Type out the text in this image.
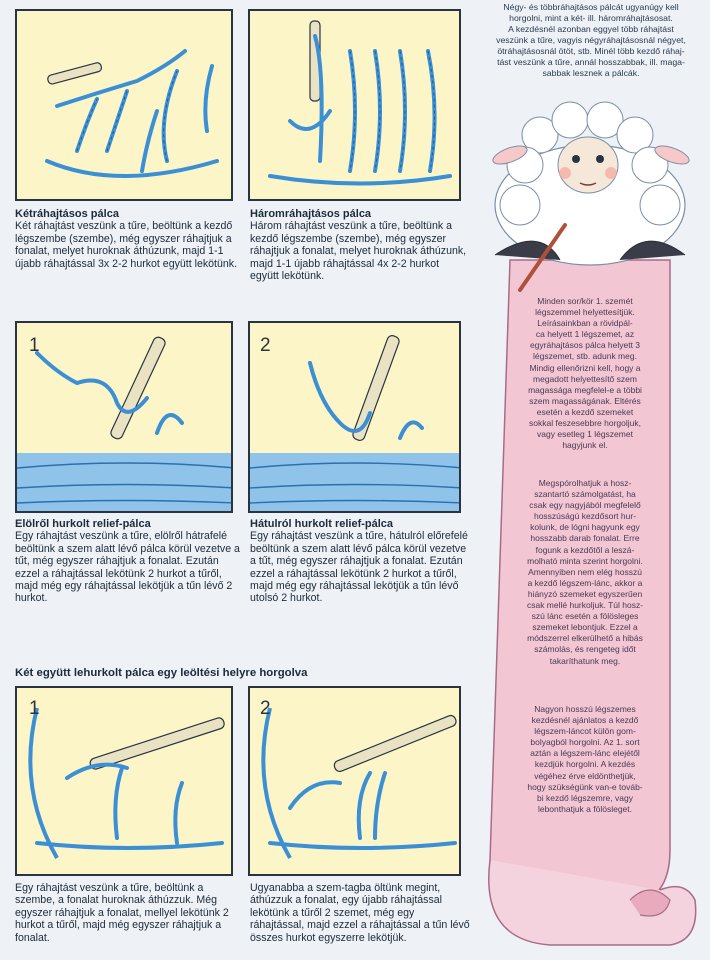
Kétráhajtásos pálca
Két ráhajtást veszünk a tűre, beöltünk a kezdő légszembe (szembe), még egyszer ráhajtjuk a fonalat, melyet huroknak áthúzunk, majd 1-1 újabb ráhajtással 3x 2-2 hurkot együtt lekötünk.
Háromráhajtásos pálca
Három ráhajtást veszünk a tűre, beöltünk a kezdő légszembe (szembe), még egyszer ráhajtjuk a fonalat, melyet huroknak áthúzunk, majd 1-1 újabb ráhajtással 4x 2-2 hurkot együtt lekötünk.
1	2
Elölről hurkolt relief-pálca
Egy ráhajtást veszünk a tűre, elölről hátrafelé beöltünk a szem alatt lévő pálca körül vezetve a tűt, még egyszer ráhajtjuk a fonalat. Ezután ezzel a ráhajtással lekötünk 2 hurkot a tűről, majd még egy ráhajtással lekötjük a tűn lévő 2 hurkot.
Hátulról hurkolt relief-pálca
Egy ráhajtást veszünk a tűre, hátulról előrefelé beöltünk a szem alatt lévő pálca körül vezetve a tűt, még egyszer ráhajtjuk a fonalat. Ezután ezzel a ráhajtással lekötünk 2 hurkot a tűről, majd még egy ráhajtással lekötjük a tűn lévő utolsó 2 hurkot.
Két együtt lehurkolt pálca egy leöltési helyre horgolva
1	2
Egy ráhajtást veszünk a tűre, beöltünk a szembe, a fonalat huroknak áthúzzuk. Még egyszer ráhajtjuk a fonalat, mellyel lekötünk 2 hurkot a tűről, majd még egyszer ráhajtjuk a fonalat.
Ugyanabba a szem-tagba öltünk megint, áthúzzuk a fonalat, egy újabb ráhajtással lekötünk a tűről 2 szemet, még egy ráhajtással, majd ezzel a ráhajtással a tűn lévő összes hurkot egyszerre lekötjük.
Négy- és többráhajtásos pálcát ugyanúgy kell
horgolni, mint a két- ill. háromráhajtásosat.
A kezdésnél azonban eggyel több ráhajtást
veszünk a tűre, vagyis négyráhajtásosnál négyet,
ötráhajtásosnál ötöt, stb. Minél több kezdő ráhaj-
tást veszünk a tűre, annál hosszabbak, ill. maga-
sabbak lesznek a pálcák.
Minden sor/kör 1. szemét
légszemmel helyettesítjük.
Leírásainkban a rövidpál-
ca helyett 1 légszemet, az
egyráhajtásos pálca helyett 3
légszemet, stb. adunk meg.
Mindig ellenőrizni kell, hogy a
megadott helyettesítő szem
magassága megfelel-e a többi
szem magasságának. Eltérés
esetén a kezdő szemeket
sokkal feszesebbre horgoljuk,
vagy esetleg 1 légszemet
hagyjunk el.
Megspórolhatjuk a hosz-
szantartó számolgatást, ha
csak egy nagyjából megfelelő
hosszúságú kezdősort hur-
kolunk, de lógni hagyunk egy
hosszabb darab fonalat. Erre
fogunk a kezdőtől a leszá-
molható minta szerint horgolni.
Amennyiben nem elég hosszú
a kezdő légszem-lánc, akkor a
hiányzó szemeket egyszerűen
csak mellé hurkoljuk. Túl hosz-
szú lánc esetén a fölösleges
szemeket lebontjuk. Ezzel a
módszerrel elkerülhető a hibás
számolás, és rengeteg időt
takaríthatunk meg.
Nagyon hosszú légszemes
kezdésnél ajánlatos a kezdő
légszem-láncot külön gom-
bolyagból horgolni. Az 1. sort
aztán a légszem-lánc elejétől
kezdjük horgolni. A kezdés
végéhez érve eldönthetjük,
hogy szükségünk van-e továb-
bi kezdő légszemre, vagy
lebonthatjuk a fölösleget.
